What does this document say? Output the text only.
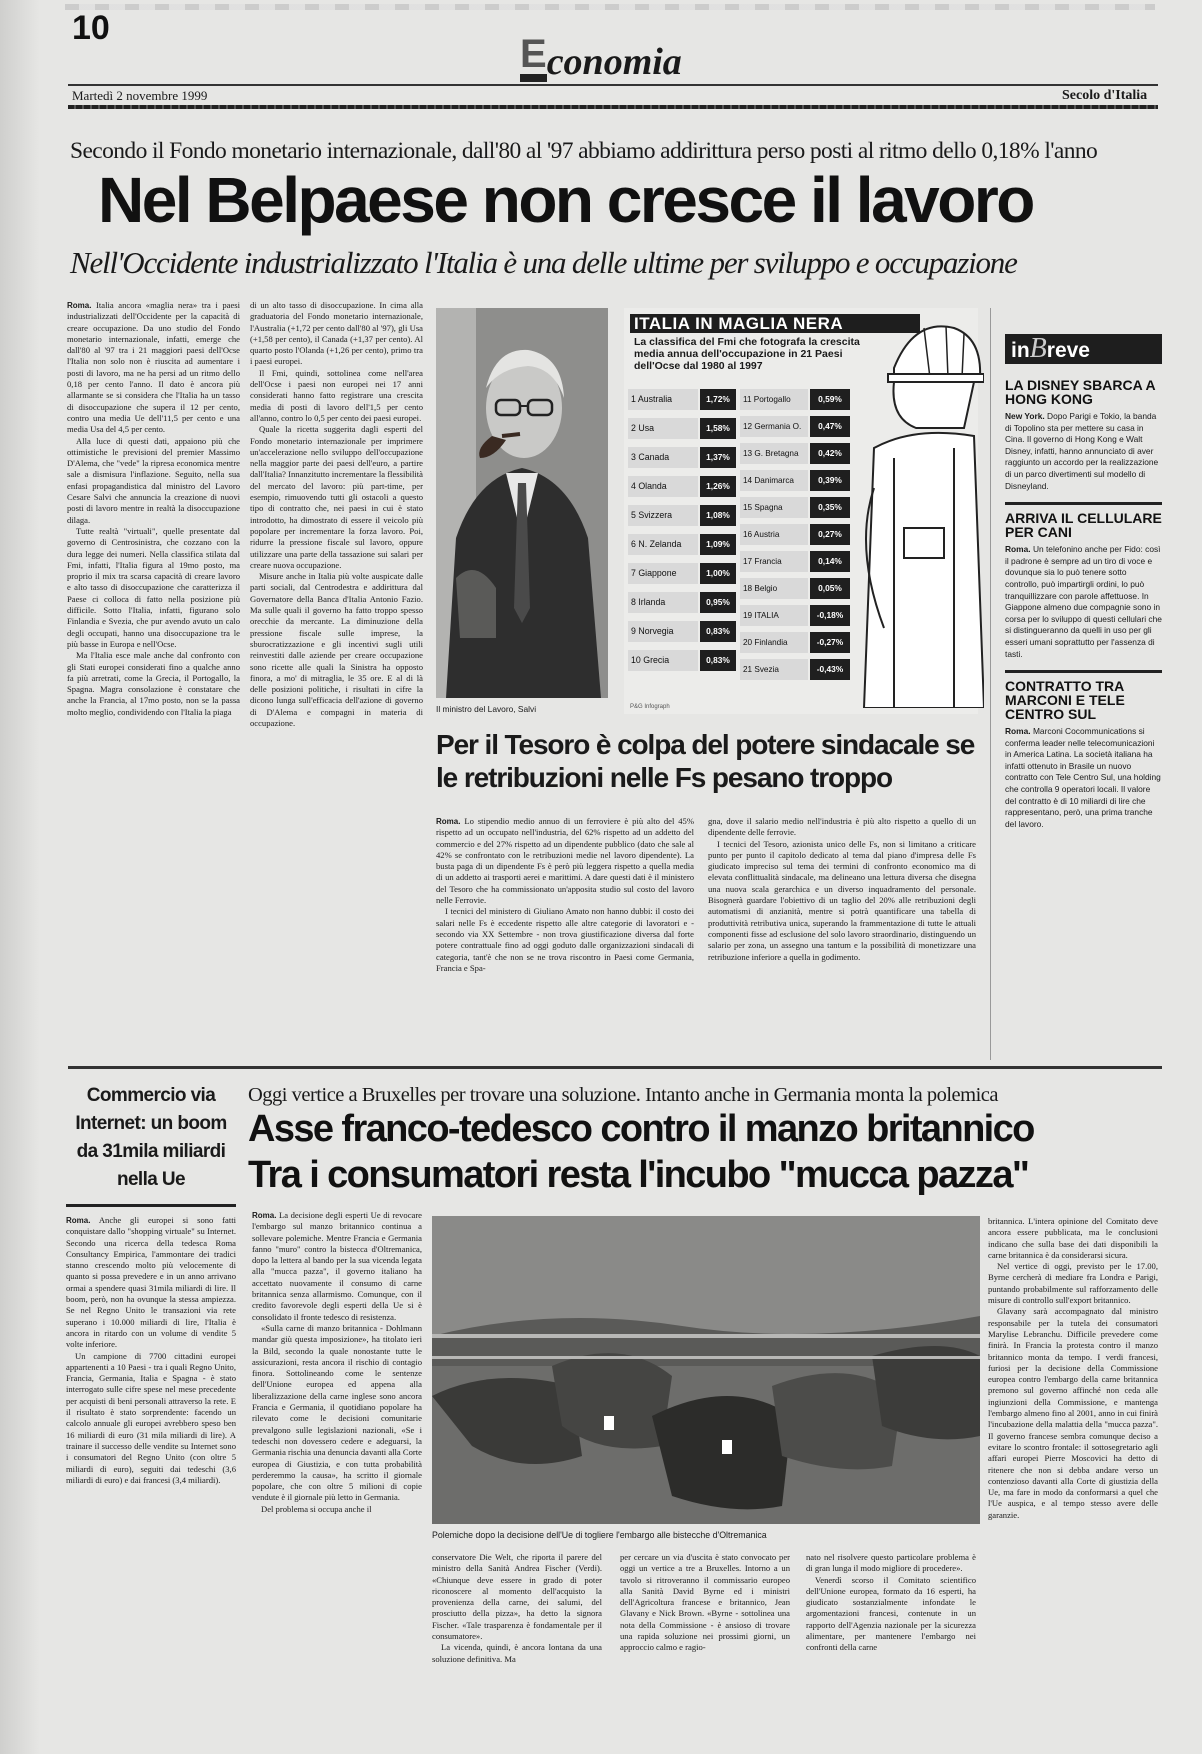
10
Economia
Martedì 2 novembre 1999	Secolo d'Italia
Secondo il Fondo monetario internazionale, dall'80 al '97 abbiamo addirittura perso posti al ritmo dello 0,18% l'anno
Nel Belpaese non cresce il lavoro
Nell'Occidente industrializzato l'Italia è una delle ultime per sviluppo e occupazione

Roma. Italia ancora «maglia nera» tra i paesi industrializzati dell'Occidente per la capacità di creare occupazione. Da uno studio del Fondo monetario internazionale, infatti, emerge che dall'80 al '97 tra i 21 maggiori paesi dell'Ocse l'Italia non solo non è riuscita ad aumentare i posti di lavoro, ma ne ha persi ad un ritmo dello 0,18 per cento l'anno. Il dato è ancora più allarmante se si considera che l'Italia ha un tasso di disoccupazione che supera il 12 per cento, contro una media Ue dell'11,5 per cento e una media Usa del 4,5 per cento.

Alla luce di questi dati, appaiono più che ottimistiche le previsioni del premier Massimo D'Alema, che "vede" la ripresa economica mentre sale a dismisura l'inflazione. Seguito, nella sua enfasi propagandistica dal ministro del Lavoro Cesare Salvi che annuncia la creazione di nuovi posti di lavoro mentre in realtà la disoccupazione dilaga.

Tutte realtà "virtuali", quelle presentate dal governo di Centrosinistra, che cozzano con la dura legge dei numeri. Nella classifica stilata dal Fmi, infatti, l'Italia figura al 19mo posto, ma proprio il mix tra scarsa capacità di creare lavoro e alto tasso di disoccupazione che caratterizza il Paese ci colloca di fatto nella posizione più difficile. Sotto l'Italia, infatti, figurano solo Finlandia e Svezia, che pur avendo avuto un calo degli occupati, hanno una disoccupazione tra le più basse in Europa e nell'Ocse.

Ma l'Italia esce male anche dal confronto con gli Stati europei considerati fino a qualche anno fa più arretrati, come la Grecia, il Portogallo, la Spagna. Magra consolazione è constatare che anche la Francia, al 17mo posto, non se la passa molto meglio, condividendo con l'Italia la piaga

di un alto tasso di disoccupazione. In cima alla graduatoria del Fondo monetario internazionale, l'Australia (+1,72 per cento dall'80 al '97), gli Usa (+1,58 per cento), il Canada (+1,37 per cento). Al quarto posto l'Olanda (+1,26 per cento), primo tra i paesi europei.

Il Fmi, quindi, sottolinea come nell'area dell'Ocse i paesi non europei nei 17 anni considerati hanno fatto registrare una crescita media di posti di lavoro dell'1,5 per cento all'anno, contro lo 0,5 per cento dei paesi europei.

Quale la ricetta suggerita dagli esperti del Fondo monetario internazionale per imprimere un'accelerazione nello sviluppo dell'occupazione nella maggior parte dei paesi dell'euro, a partire dall'Italia? Innanzitutto incrementare la flessibilità del mercato del lavoro: più part-time, per esempio, rimuovendo tutti gli ostacoli a questo tipo di contratto che, nei paesi in cui è stato introdotto, ha dimostrato di essere il veicolo più popolare per incrementare la forza lavoro. Poi, ridurre la pressione fiscale sul lavoro, oppure utilizzare una parte della tassazione sui salari per creare nuova occupazione.

Misure anche in Italia più volte auspicate dalle parti sociali, dal Centrodestra e addirittura dal Governatore della Banca d'Italia Antonio Fazio. Ma sulle quali il governo ha fatto troppo spesso orecchie da mercante. La diminuzione della pressione fiscale sulle imprese, la sburocratizzazione e gli incentivi sugli utili reinvestiti dalle aziende per creare occupazione sono ricette alle quali la Sinistra ha opposto finora, a mo' di mitraglia, le 35 ore. E al di là delle posizioni politiche, i risultati in cifre la dicono lunga sull'efficacia dell'azione di governo di D'Alema e compagni in materia di occupazione.

Il ministro del Lavoro, Salvi
ITALIA IN MAGLIA NERA
La classifica del Fmi che fotografa la crescita media annua dell'occupazione in 21 Paesi dell'Ocse dal 1980 al 1997
1 Australia	1,72%
2 Usa	1,58%
3 Canada	1,37%
4 Olanda	1,26%
5 Svizzera	1,08%
6 N. Zelanda	1,09%
7 Giappone	1,00%
8 Irlanda	0,95%
9 Norvegia	0,83%
10 Grecia	0,83%
11 Portogallo	0,59%
12 Germania O.	0,47%
13 G. Bretagna	0,42%
14 Danimarca	0,39%
15 Spagna	0,35%
16 Austria	0,27%
17 Francia	0,14%
18 Belgio	0,05%
19 ITALIA	-0,18%
20 Finlandia	-0,27%
21 Svezia	-0,43%
P&G Infograph
Per il Tesoro è colpa del potere sindacale se le retribuzioni nelle Fs pesano troppo

Roma. Lo stipendio medio annuo di un ferroviere è più alto del 45% rispetto ad un occupato nell'industria, del 62% rispetto ad un addetto del commercio e del 27% rispetto ad un dipendente pubblico (dato che sale al 42% se confrontato con le retribuzioni medie nel lavoro dipendente). La busta paga di un dipendente Fs è però più leggera rispetto a quella media di un addetto ai trasporti aerei e marittimi. A dare questi dati è il ministero del Tesoro che ha commissionato un'apposita studio sul costo del lavoro nelle Ferrovie.

I tecnici del ministero di Giuliano Amato non hanno dubbi: il costo dei salari nelle Fs è eccedente rispetto alle altre categorie di lavoratori e - secondo via XX Settembre - non trova giustificazione diversa dal forte potere contrattuale fino ad oggi goduto dalle organizzazioni sindacali di categoria, tant'è che non se ne trova riscontro in Paesi come Germania, Francia e Spa-

gna, dove il salario medio nell'industria è più alto rispetto a quello di un dipendente delle ferrovie.

I tecnici del Tesoro, azionista unico delle Fs, non si limitano a criticare punto per punto il capitolo dedicato al tema dal piano d'impresa delle Fs giudicato impreciso sul tema dei termini di confronto economico ma di elevata conflittualità sindacale, ma delineano una lettura diversa che disegna una nuova scala gerarchica e un diverso inquadramento del personale. Bisognerà guardare l'obiettivo di un taglio del 20% alle retribuzioni degli automatismi di anzianità, mentre si potrà quantificare una tabella di produttività retributiva unica, superando la frammentazione di tutte le attuali componenti fisse ad esclusione del solo lavoro straordinario, distinguendo un salario per zona, un assegno una tantum e la possibilità di monetizzare una retribuzione inferiore a quella in godimento.

inBreve
LA DISNEY SBARCA A HONG KONG
New York. Dopo Parigi e Tokio, la banda di Topolino sta per mettere su casa in Cina. Il governo di Hong Kong e Walt Disney, infatti, hanno annunciato di aver raggiunto un accordo per la realizzazione di un parco divertimenti sul modello di Disneyland.
ARRIVA IL CELLULARE PER CANI
Roma. Un telefonino anche per Fido: così il padrone è sempre ad un tiro di voce e dovunque sia lo può tenere sotto controllo, può impartirgli ordini, lo può tranquillizzare con parole affettuose. In Giappone almeno due compagnie sono in corsa per lo sviluppo di questi cellulari che si distingueranno da quelli in uso per gli esseri umani soprattutto per l'assenza di tasti.
CONTRATTO TRA MARCONI E TELE CENTRO SUL
Roma. Marconi Cocommunications si conferma leader nelle telecomunicazioni in America Latina. La società italiana ha infatti ottenuto in Brasile un nuovo contratto con Tele Centro Sul, una holding che controlla 9 operatori locali. Il valore del contratto è di 10 miliardi di lire che rappresentano, però, una prima tranche del lavoro.
Commercio via Internet: un boom da 31mila miliardi nella Ue

Roma. Anche gli europei si sono fatti conquistare dallo "shopping virtuale" su Internet. Secondo una ricerca della tedesca Roma Consultancy Empirica, l'ammontare dei tradici stanno crescendo molto più velocemente di quanto si possa prevedere e in un anno arrivano ormai a spendere quasi 31mila miliardi di lire. Il boom, però, non ha ovunque la stessa ampiezza. Se nel Regno Unito le transazioni via rete superano i 10.000 miliardi di lire, l'Italia è ancora in ritardo con un volume di vendite 5 volte inferiore.

Un campione di 7700 cittadini europei appartenenti a 10 Paesi - tra i quali Regno Unito, Francia, Germania, Italia e Spagna - è stato interrogato sulle cifre spese nel mese precedente per acquisti di beni personali attraverso la rete. E il risultato è stato sorprendente: facendo un calcolo annuale gli europei avrebbero speso ben 16 miliardi di euro (31 mila miliardi di lire). A trainare il successo delle vendite su Internet sono i consumatori del Regno Unito (con oltre 5 miliardi di euro), seguiti dai tedeschi (3,6 miliardi di euro) e dai francesi (3,4 miliardi).

Oggi vertice a Bruxelles per trovare una soluzione. Intanto anche in Germania monta la polemica
Asse franco-tedesco contro il manzo britannico
Tra i consumatori resta l'incubo "mucca pazza"

Roma. La decisione degli esperti Ue di revocare l'embargo sul manzo britannico continua a sollevare polemiche. Mentre Francia e Germania fanno "muro" contro la bistecca d'Oltremanica, dopo la lettera al bando per la sua vicenda legata alla "mucca pazza", il governo italiano ha accettato nuovamente il consumo di carne britannica senza allarmismo. Comunque, con il credito favorevole degli esperti della Ue si è consolidato il fronte tedesco di resistenza.

«Sulla carne di manzo britannica - Dohlmann mandar giù questa imposizione», ha titolato ieri la Bild, secondo la quale nonostante tutte le assicurazioni, resta ancora il rischio di contagio finora. Sottolineando come le sentenze dell'Unione europea ed appena alla liberalizzazione della carne inglese sono ancora Francia e Germania, il quotidiano popolare ha rilevato come le decisioni comunitarie prevalgono sulle legislazioni nazionali, «Se i tedeschi non dovessero cedere e adeguarsi, la Germania rischia una denuncia davanti alla Corte europea di Giustizia, e con tutta probabilità perderemmo la causa», ha scritto il giornale popolare, che con oltre 5 milioni di copie vendute è il giornale più letto in Germania.

Del problema si occupa anche il

Polemiche dopo la decisione dell'Ue di togliere l'embargo alle bistecche d'Oltremanica

conservatore Die Welt, che riporta il parere del ministro della Sanità Andrea Fischer (Verdi). «Chiunque deve essere in grado di poter riconoscere al momento dell'acquisto la provenienza della carne, dei salumi, del prosciutto della pizza», ha detto la signora Fischer. «Tale trasparenza è fondamentale per il consumatore».

La vicenda, quindi, è ancora lontana da una soluzione definitiva. Ma

per cercare un via d'uscita è stato convocato per oggi un vertice a tre a Bruxelles. Intorno a un tavolo si ritroveranno il commissario europeo alla Sanità David Byrne ed i ministri dell'Agricoltura francese e britannico, Jean Glavany e Nick Brown. «Byrne - sottolinea una nota della Commissione - è ansioso di trovare una rapida soluzione nei prossimi giorni, un approccio calmo e ragio-

nato nel risolvere questo particolare problema è di gran lunga il modo migliore di procedere».

Venerdì scorso il Comitato scientifico dell'Unione europea, formato da 16 esperti, ha giudicato sostanzialmente infondate le argomentazioni francesi, contenute in un rapporto dell'Agenzia nazionale per la sicurezza alimentare, per mantenere l'embargo nei confronti della carne

britannica. L'intera opinione del Comitato deve ancora essere pubblicata, ma le conclusioni indicano che sulla base dei dati disponibili la carne britannica è da considerarsi sicura.

Nel vertice di oggi, previsto per le 17.00, Byrne cercherà di mediare fra Londra e Parigi, puntando probabilmente sul rafforzamento delle misure di controllo sull'export britannico.

Glavany sarà accompagnato dal ministro responsabile per la tutela dei consumatori Marylise Lebranchu. Difficile prevedere come finirà. In Francia la protesta contro il manzo britannico monta da tempo. I verdi francesi, furiosi per la decisione della Commissione europea contro l'embargo della carne britannica premono sul governo affinché non ceda alle ingiunzioni della Commissione, e mantenga l'embargo almeno fino al 2001, anno in cui finirà l'incubazione della malattia della "mucca pazza". Il governo francese sembra comunque deciso a evitare lo scontro frontale: il sottosegretario agli affari europei Pierre Moscovici ha detto di ritenere che non si debba andare verso un contenzioso davanti alla Corte di giustizia della Ue, ma fare in modo da conformarsi a quel che l'Ue auspica, e al tempo stesso avere delle garanzie.
